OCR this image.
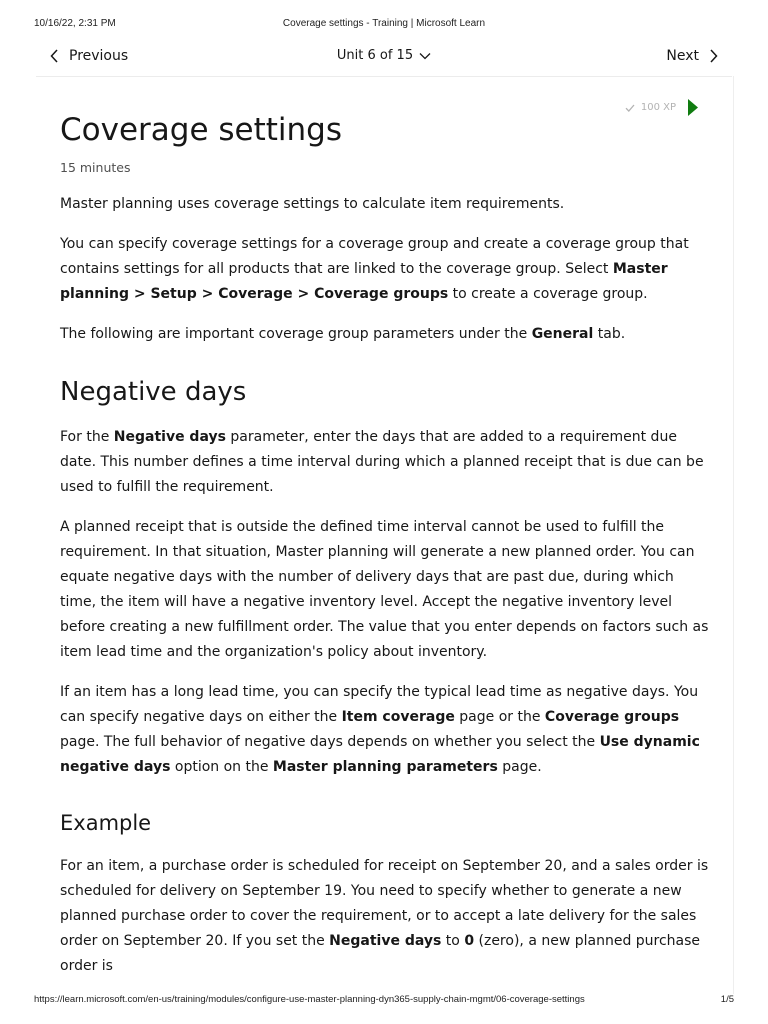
10/16/22, 2:31 PM	Coverage settings - Training | Microsoft Learn
Previous	Unit 6 of 15	Next
100 XP
Coverage settings
15 minutes

Master planning uses coverage settings to calculate item requirements.

You can specify coverage settings for a coverage group and create a coverage group that contains settings for all products that are linked to the coverage group. Select Master planning > Setup > Coverage > Coverage groups to create a coverage group.

The following are important coverage group parameters under the General tab.

Negative days

For the Negative days parameter, enter the days that are added to a requirement due date. This number defines a time interval during which a planned receipt that is due can be used to fulfill the requirement.

A planned receipt that is outside the defined time interval cannot be used to fulfill the requirement. In that situation, Master planning will generate a new planned order. You can equate negative days with the number of delivery days that are past due, during which time, the item will have a negative inventory level. Accept the negative inventory level before creating a new fulfillment order. The value that you enter depends on factors such as item lead time and the organization's policy about inventory.

If an item has a long lead time, you can specify the typical lead time as negative days. You can specify negative days on either the Item coverage page or the Coverage groups page. The full behavior of negative days depends on whether you select the Use dynamic negative days option on the Master planning parameters page.

Example

For an item, a purchase order is scheduled for receipt on September 20, and a sales order is scheduled for delivery on September 19. You need to specify whether to generate a new planned purchase order to cover the requirement, or to accept a late delivery for the sales order on September 20. If you set the Negative days to 0 (zero), a new planned purchase order is

https://learn.microsoft.com/en-us/training/modules/configure-use-master-planning-dyn365-supply-chain-mgmt/06-coverage-settings	1/5
